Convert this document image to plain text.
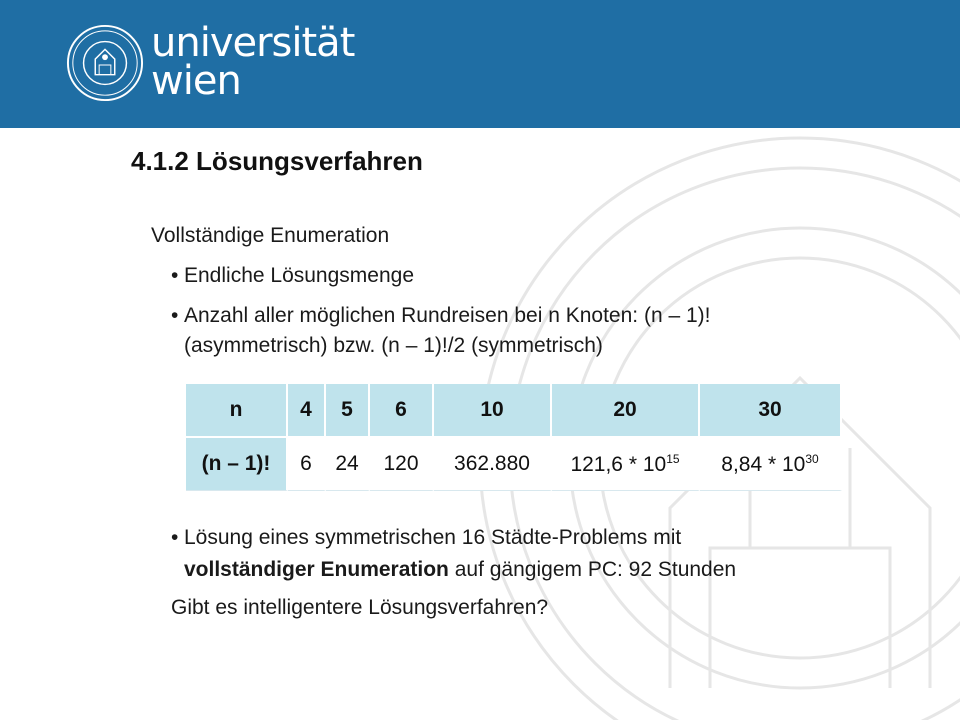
universität
wien
4.1.2 Lösungsverfahren
Vollständige Enumeration
• Endliche Lösungsmenge
• Anzahl aller möglichen Rundreisen bei n Knoten: (n – 1)!
(asymmetrisch) bzw. (n – 1)!/2 (symmetrisch)
n	4	5	6	10	20	30
(n – 1)!	6	24	120	362.880	$121,6 * 10^{15}$	$8,84 * 10^{30}$
• Lösung eines symmetrischen 16 Städte-Problems mit
vollständiger Enumeration auf gängigem PC: 92 Stunden
Gibt es intelligentere Lösungsverfahren?
